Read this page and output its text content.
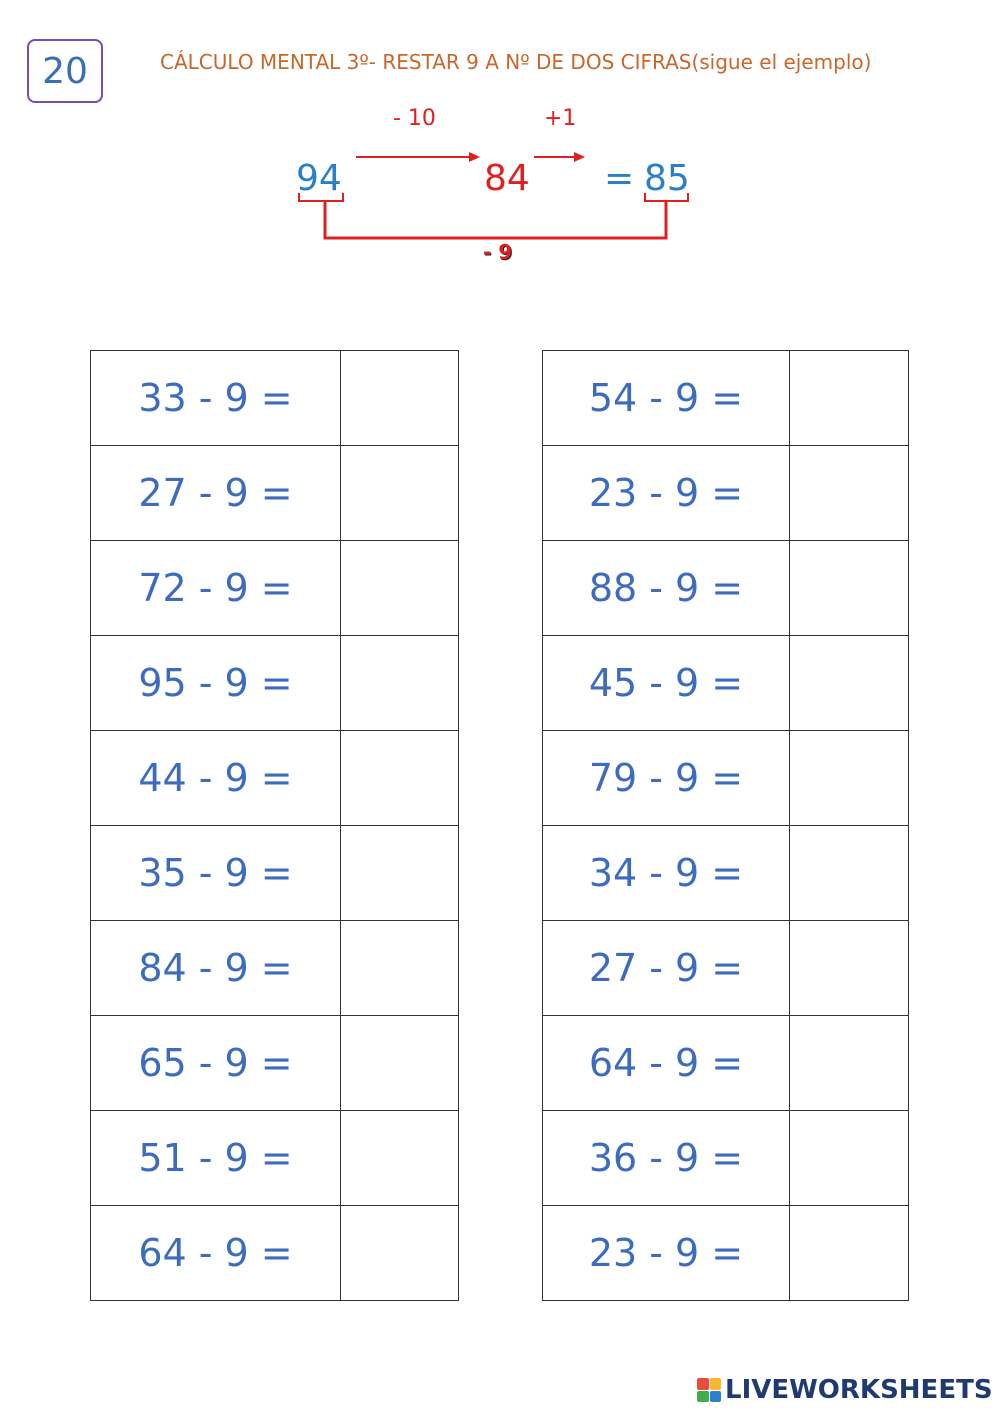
20	CÁLCULO MENTAL 3º- RESTAR 9 A Nº DE DOS CIFRAS(sigue el ejemplo)
- 10	+1
94	84 = 85
- 9
33 - 9 =	
27 - 9 =	
72 - 9 =	
95 - 9 =	
44 - 9 =	
35 - 9 =	
84 - 9 =	
65 - 9 =	
51 - 9 =	
64 - 9 =	
54 - 9 =	
23 - 9 =	
88 - 9 =	
45 - 9 =	
79 - 9 =	
34 - 9 =	
27 - 9 =	
64 - 9 =	
36 - 9 =	
23 - 9 =	
LIVEWORKSHEETS
